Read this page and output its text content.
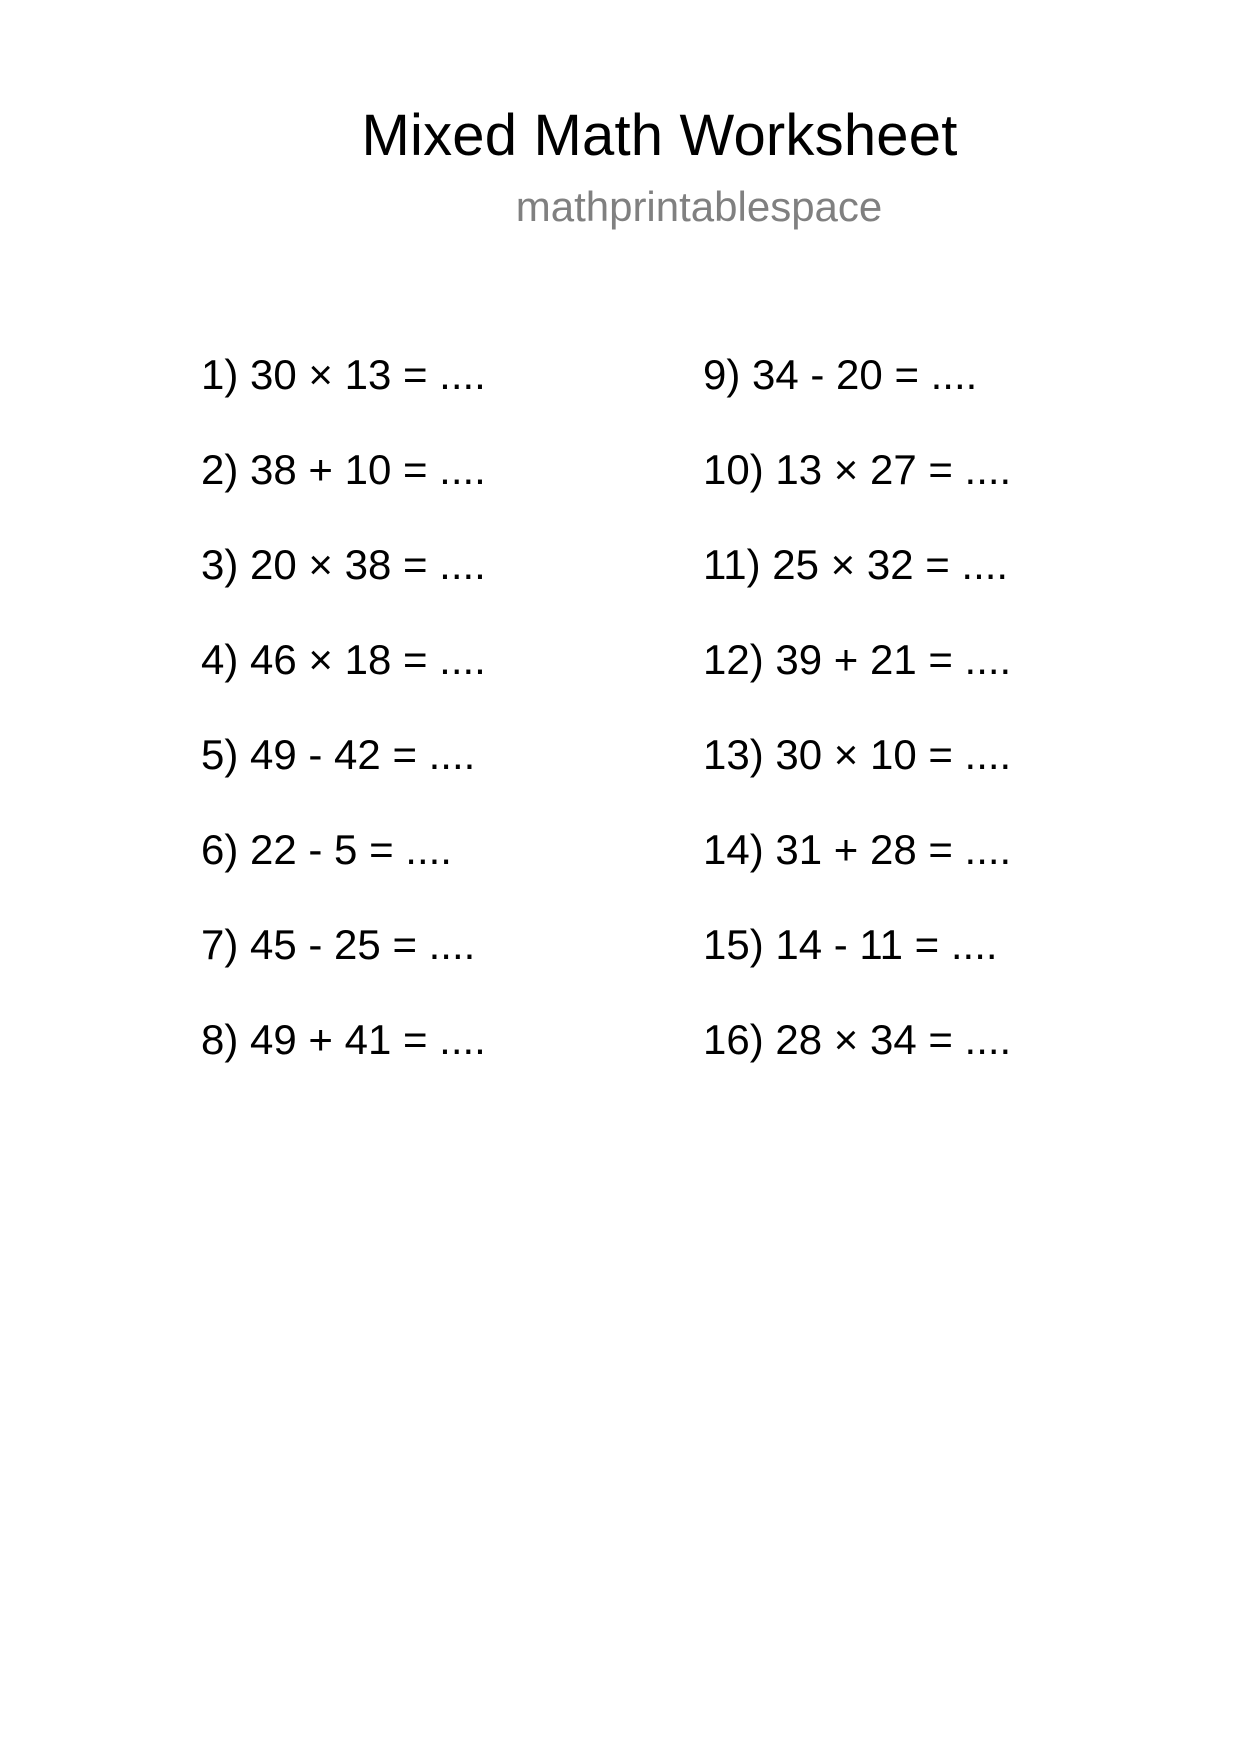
Mixed Math Worksheet
mathprintablespace
1) 30 × 13 = ....
2) 38 + 10 = ....
3) 20 × 38 = ....
4) 46 × 18 = ....
5) 49 - 42 = ....
6) 22 - 5 = ....
7) 45 - 25 = ....
8) 49 + 41 = ....
9) 34 - 20 = ....
10) 13 × 27 = ....
11) 25 × 32 = ....
12) 39 + 21 = ....
13) 30 × 10 = ....
14) 31 + 28 = ....
15) 14 - 11 = ....
16) 28 × 34 = ....
